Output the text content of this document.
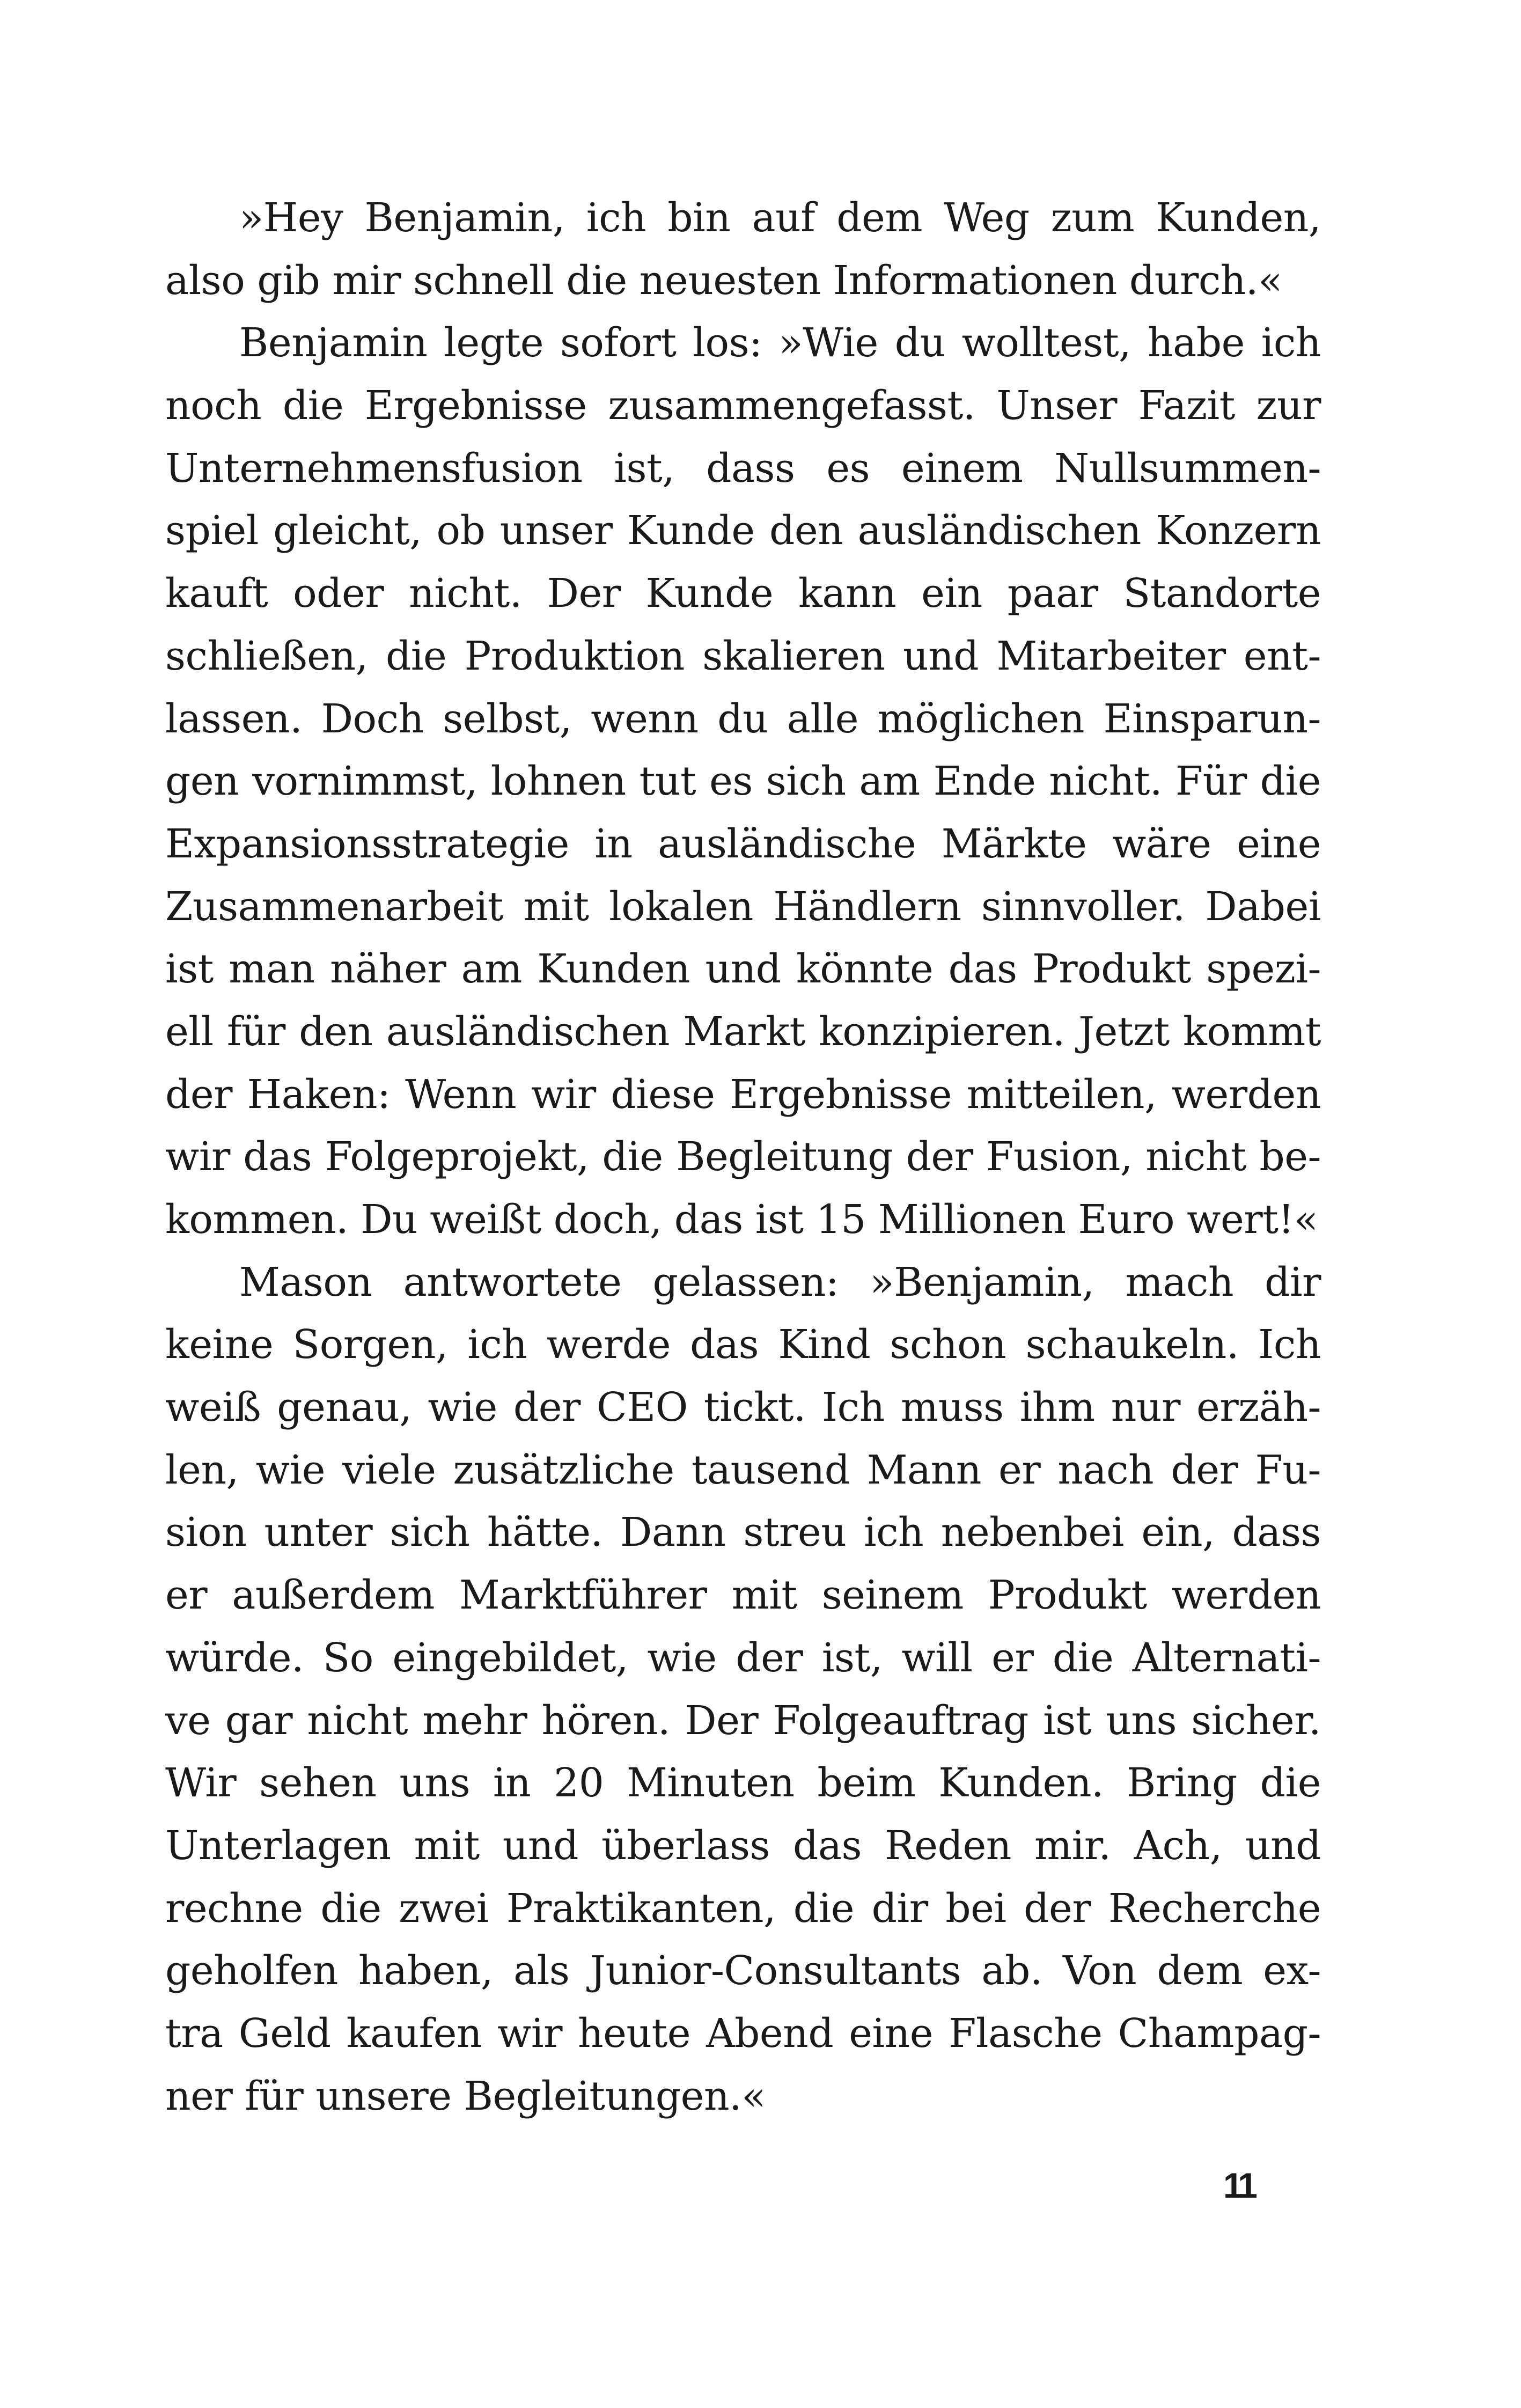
»Hey Benjamin, ich bin auf dem Weg zum Kunden,
also gib mir schnell die neuesten Informationen durch.«
Benjamin legte sofort los: »Wie du wolltest, habe ich
noch die Ergebnisse zusammengefasst. Unser Fazit zur
Unternehmensfusion ist, dass es einem Nullsummen-
spiel gleicht, ob unser Kunde den ausländischen Konzern
kauft oder nicht. Der Kunde kann ein paar Standorte
schließen, die Produktion skalieren und Mitarbeiter ent-
lassen. Doch selbst, wenn du alle möglichen Einsparun-
gen vornimmst, lohnen tut es sich am Ende nicht. Für die
Expansionsstrategie in ausländische Märkte wäre eine
Zusammenarbeit mit lokalen Händlern sinnvoller. Dabei
ist man näher am Kunden und könnte das Produkt spezi-
ell für den ausländischen Markt konzipieren. Jetzt kommt
der Haken: Wenn wir diese Ergebnisse mitteilen, werden
wir das Folgeprojekt, die Begleitung der Fusion, nicht be-
kommen. Du weißt doch, das ist 15 Millionen Euro wert!«
Mason antwortete gelassen: »Benjamin, mach dir
keine Sorgen, ich werde das Kind schon schaukeln. Ich
weiß genau, wie der CEO tickt. Ich muss ihm nur erzäh-
len, wie viele zusätzliche tausend Mann er nach der Fu-
sion unter sich hätte. Dann streu ich nebenbei ein, dass
er außerdem Marktführer mit seinem Produkt werden
würde. So eingebildet, wie der ist, will er die Alternati-
ve gar nicht mehr hören. Der Folgeauftrag ist uns sicher.
Wir sehen uns in 20 Minuten beim Kunden. Bring die
Unterlagen mit und überlass das Reden mir. Ach, und
rechne die zwei Praktikanten, die dir bei der Recherche
geholfen haben, als Junior-Consultants ab. Von dem ex-
tra Geld kaufen wir heute Abend eine Flasche Champag-
ner für unsere Begleitungen.«
11
